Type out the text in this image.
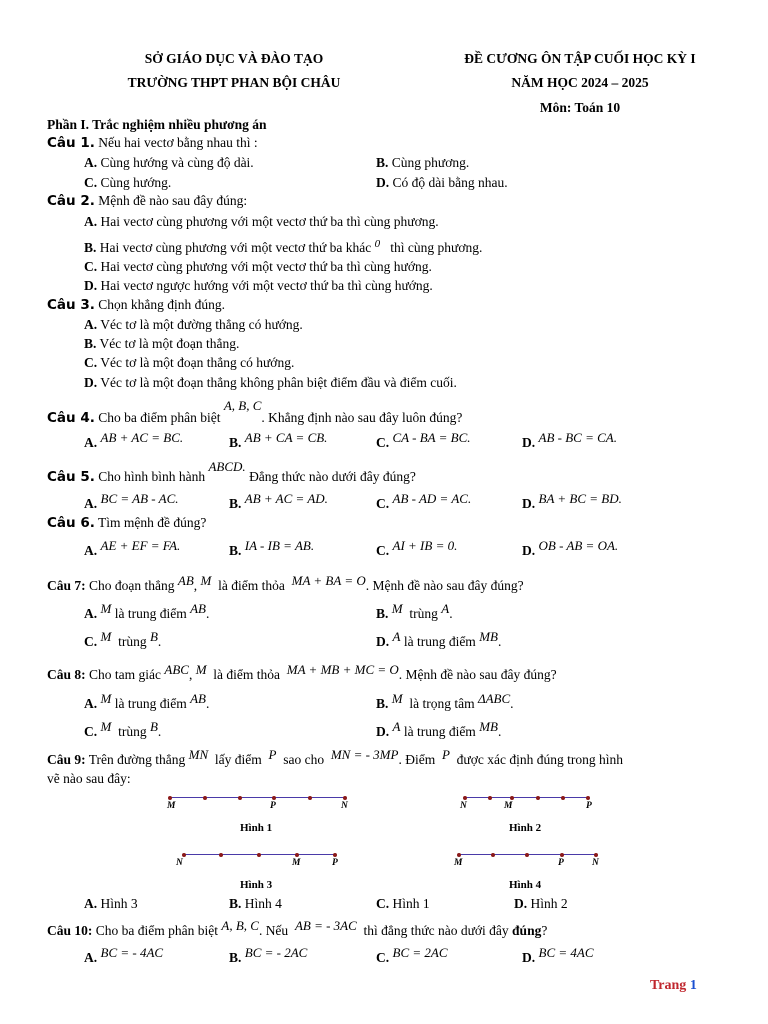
SỞ GIÁO DỤC VÀ ĐÀO TẠO
TRƯỜNG THPT PHAN BỘI CHÂU
ĐỀ CƯƠNG ÔN TẬP CUỐI HỌC KỲ I
NĂM HỌC 2024 – 2025
Môn: Toán 10
Phần I. Trắc nghiệm nhiều phương án
Câu 1. Nếu hai vectơ bằng nhau thì :
A. Cùng hướng và cùng độ dài.	B. Cùng phương.
C. Cùng hướng.	D. Có độ dài bằng nhau.
Câu 2. Mệnh đề nào sau đây đúng:
A. Hai vectơ cùng phương với một vectơ thứ ba thì cùng phương.
B. Hai vectơ cùng phương với một vectơ thứ ba khác $^0$ thì cùng phương.
C. Hai vectơ cùng phương với một vectơ thứ ba thì cùng hướng.
D. Hai vectơ ngược hướng với một vectơ thứ ba thì cùng hướng.
Câu 3. Chọn khẳng định đúng.
A. Véc tơ là một đường thẳng có hướng.
B. Véc tơ là một đoạn thẳng.
C. Véc tơ là một đoạn thẳng có hướng.
D. Véc tơ là một đoạn thẳng không phân biệt điểm đầu và điểm cuối.
Câu 4. Cho ba điểm phân biệt A, B, C. Khẳng định nào sau đây luôn đúng?
A. AB + AC = BC.	B. AB + CA = CB.	C. CA - BA = BC.	D. AB - BC = CA.
Câu 5. Cho hình bình hành ABCD. Đẳng thức nào dưới đây đúng?
A. BC = AB - AC.	B. AB + AC = AD.	C. AB - AD = AC.	D. BA + BC = BD.
Câu 6. Tìm mệnh đề đúng?
A. AE + EF = FA.	B. IA - IB = AB.	C. AI + IB = 0.	D. OB - AB = OA.
Câu 7: Cho đoạn thẳng AB, M là điểm thỏa MA + BA = O. Mệnh đề nào sau đây đúng?
A. M là trung điểm AB.	B. M trùng A.
C. M trùng B.	D. A là trung điểm MB.
Câu 8: Cho tam giác ABC, M là điểm thỏa MA + MB + MC = O. Mệnh đề nào sau đây đúng?
A. M là trung điểm AB.	B. M là trọng tâm ΔABC.
C. M trùng B.	D. A là trung điểm MB.
Câu 9: Trên đường thẳng MN lấy điểm P sao cho MN = - 3MP. Điểm P được xác định đúng trong hình
vẽ nào sau đây:
M	P	N
Hình 1
N	M	P
Hình 2
N	M	P
Hình 3
M	P	N
Hình 4
A. Hình 3	B. Hình 4	C. Hình 1	D. Hình 2
Câu 10: Cho ba điểm phân biệt A, B, C. Nếu AB = - 3AC thì đẳng thức nào dưới đây đúng?
A. BC = - 4AC	B. BC = - 2AC	C. BC = 2AC	D. BC = 4AC
Trang 1
